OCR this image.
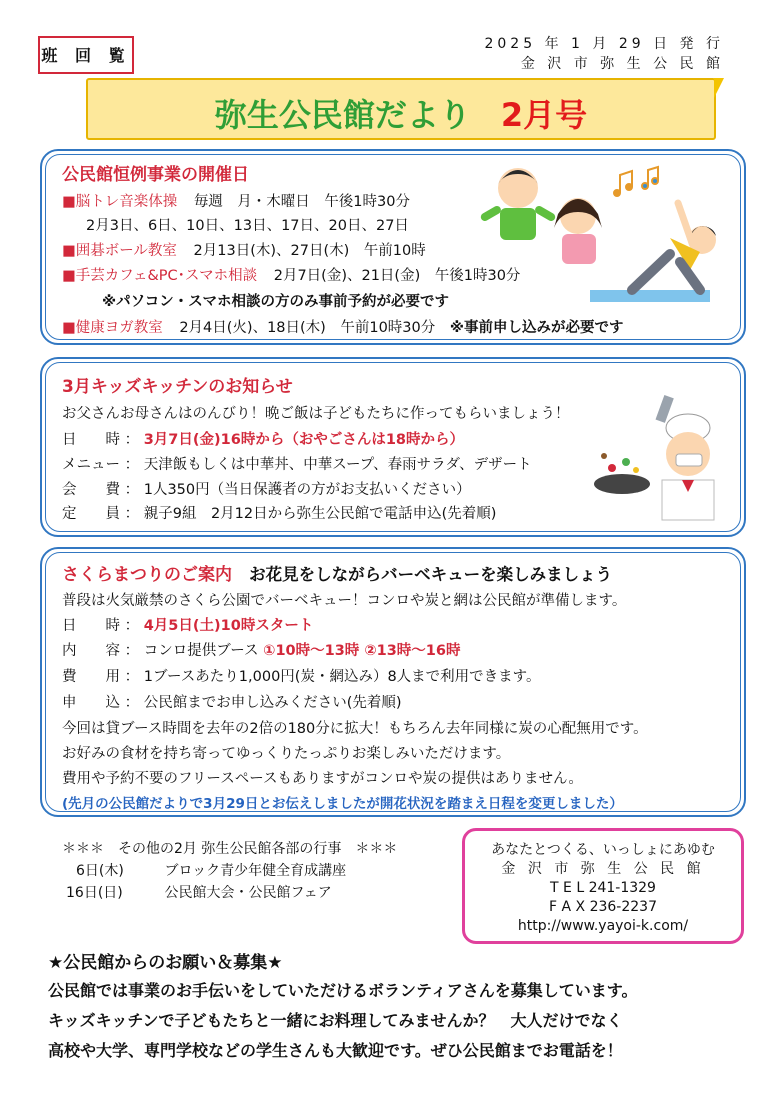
班 回 覧
2025 年 1 月 29 日 発 行
金 沢 市 弥 生 公 民 館
弥生公民館だより 2月号
公民館恒例事業の開催日
■脳トレ音楽体操 毎週　月・木曜日　午後1時30分
2月3日、6日、10日、13日、17日、20日、27日
■囲碁ボール教室 2月13日(木)、27日(木)　午前10時
■手芸カフェ&PC･スマホ相談 2月7日(金)、21日(金)　午後1時30分
※パソコン・スマホ相談の方のみ事前予約が必要です
■健康ヨガ教室 2月4日(火)、18日(木)　午前10時30分 ※事前申し込みが必要です
3月キッズキッチンのお知らせ
お父さんお母さんはのんびり！晩ご飯は子どもたちに作ってもらいましょう！
日　　時 ： 3月7日(金)16時から（おやごさんは18時から）
メニュー ： 天津飯もしくは中華丼、中華スープ、春雨サラダ、デザート
会　　費 ： 1人350円（当日保護者の方がお支払いください）
定　　員 ： 親子9組　2月12日から弥生公民館で電話申込(先着順)
さくらまつりのご案内 お花見をしながらバーベキューを楽しみましょう
普段は火気厳禁のさくら公園でバーベキュー！コンロや炭と網は公民館が準備します。
日　　時 ： 4月5日(土)10時スタート
内　　容 ： コンロ提供ブース ①10時～13時 ②13時～16時
費　　用 ： 1ブースあたり1,000円(炭・網込み）8人まで利用できます。
申　　込 ： 公民館までお申し込みください(先着順)
今回は貸ブース時間を去年の2倍の180分に拡大！もちろん去年同様に炭の心配無用です。
お好みの食材を持ち寄ってゆっくりたっぷりお楽しみいただけます。
費用や予約不要のフリースペースもありますがコンロや炭の提供はありません。
(先月の公民館だよりで3月29日とお伝えしましたが開花状況を踏まえ日程を変更しました）
＊＊＊　その他の2月 弥生公民館各部の行事　＊＊＊
6日(木)	ブロック青少年健全育成講座
16日(日)	公民館大会・公民館フェア
あなたとつくる、いっしょにあゆむ
金 沢 市 弥 生 公 民 館
T E L 241-1329
F A X 236-2237
http://www.yayoi-k.com/
★公民館からのお願い＆募集★
公民館では事業のお手伝いをしていただけるボランティアさんを募集しています。
キッズキッチンで子どもたちと一緒にお料理してみませんか？　大人だけでなく
高校や大学、専門学校などの学生さんも大歓迎です。ぜひ公民館までお電話を！
